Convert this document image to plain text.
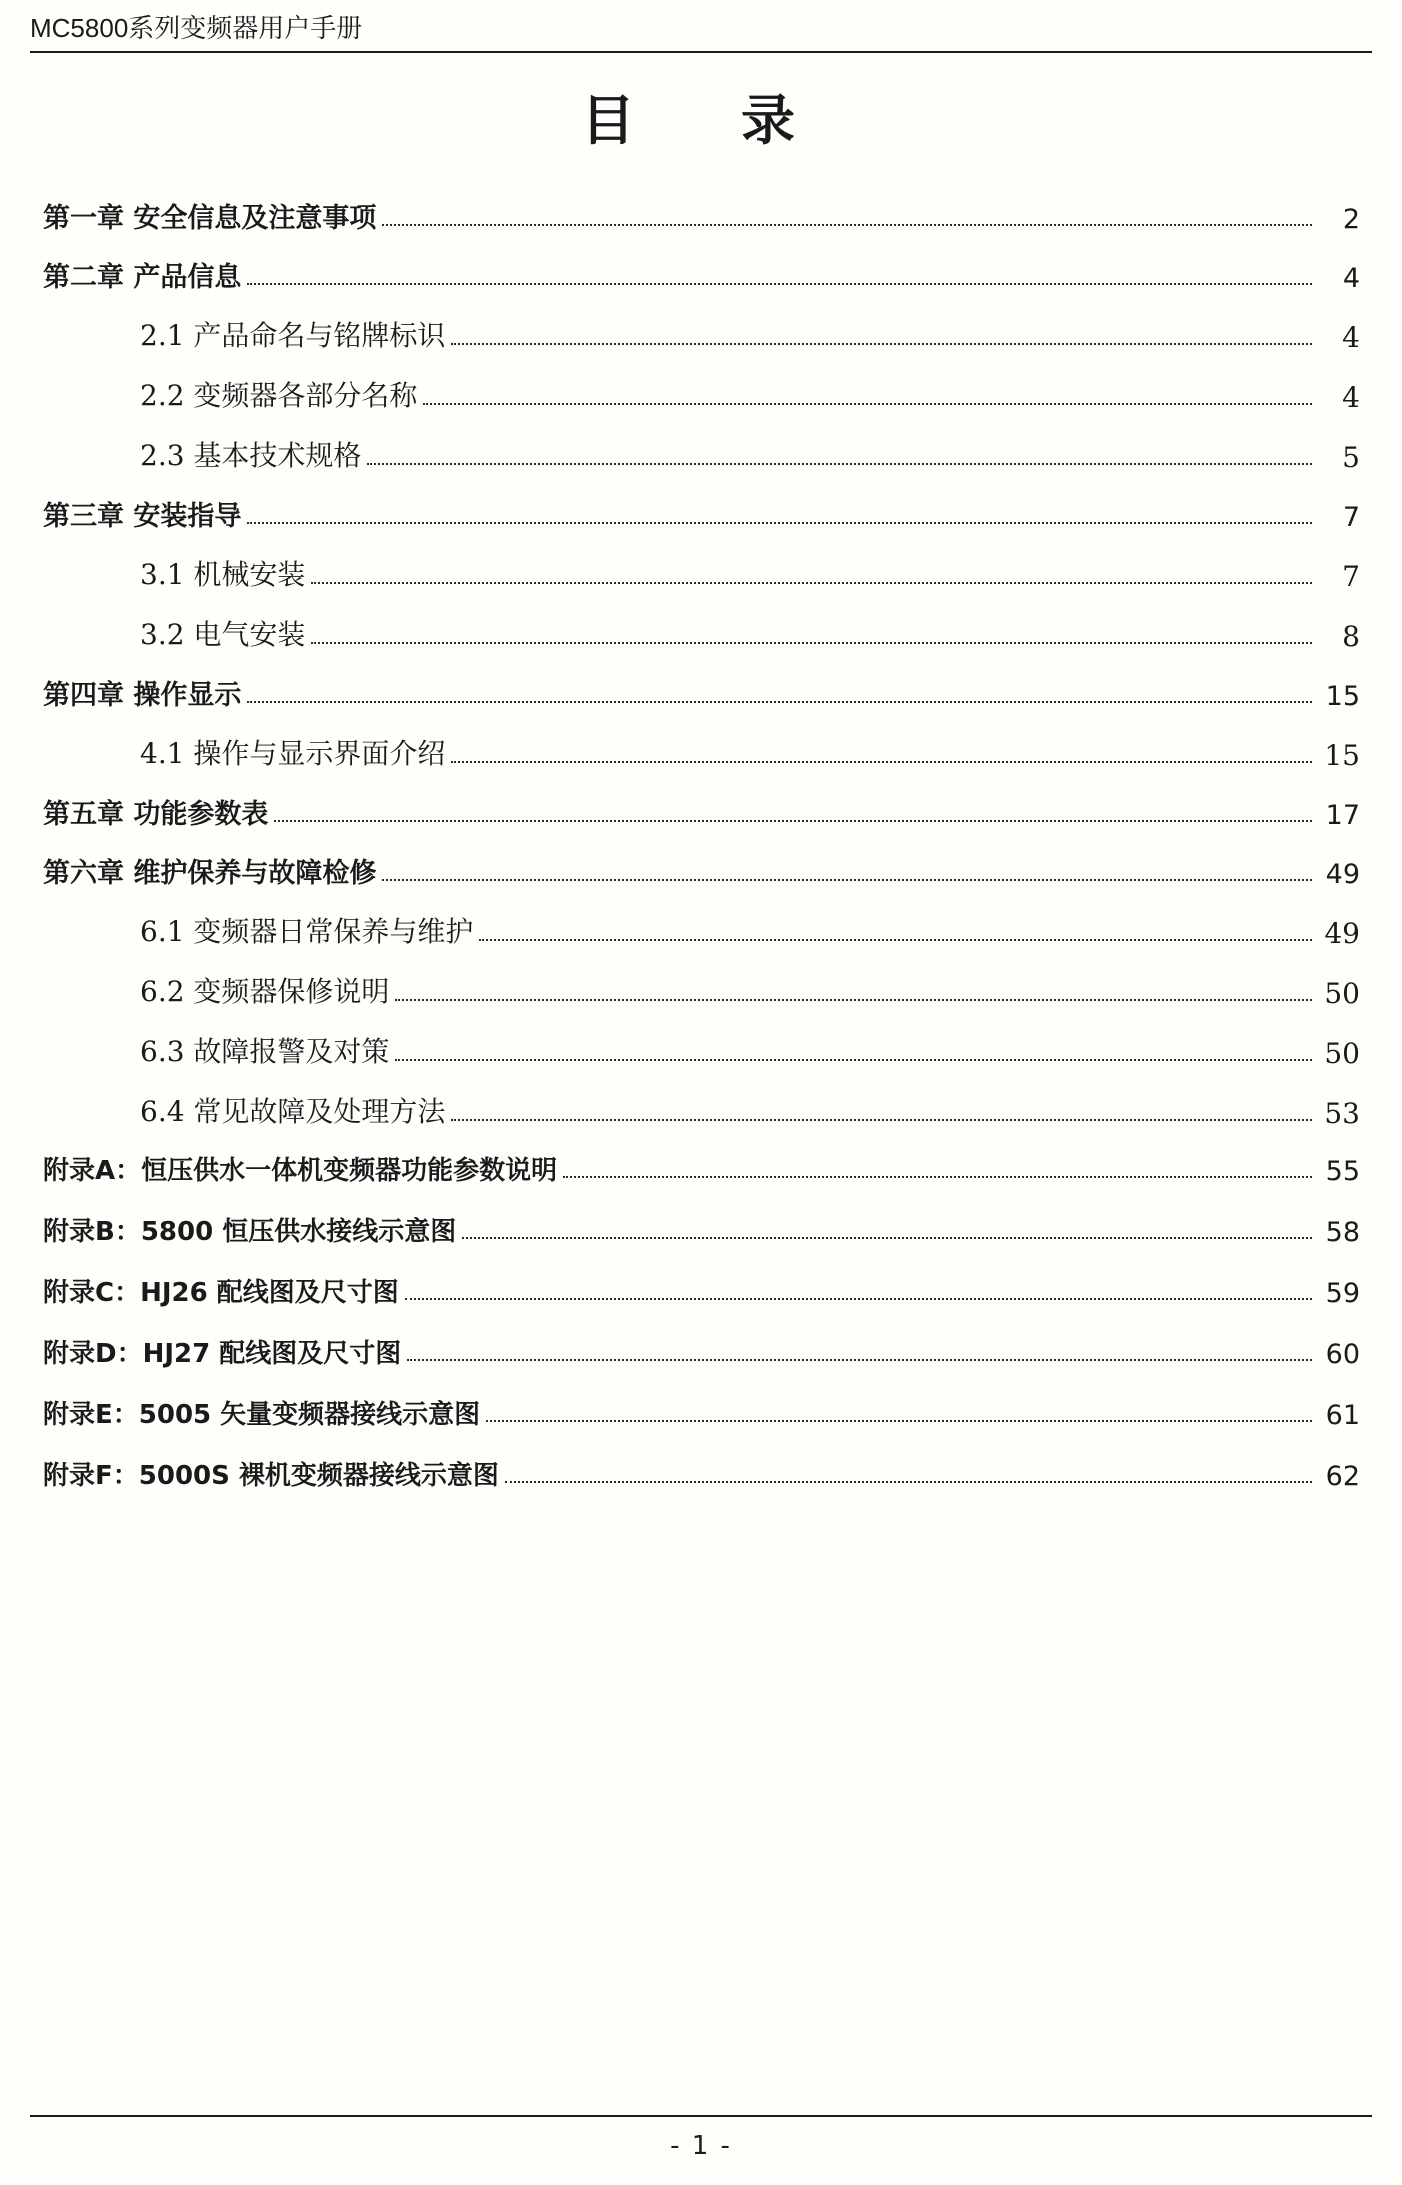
MC5800系列变频器用户手册
目　录
第一章 安全信息及注意事项	2
第二章 产品信息	4
2.1 产品命名与铭牌标识	4
2.2 变频器各部分名称	4
2.3 基本技术规格	5
第三章 安装指导	7
3.1 机械安装	7
3.2 电气安装	8
第四章 操作显示	15
4.1 操作与显示界面介绍	15
第五章 功能参数表	17
第六章 维护保养与故障检修	49
6.1 变频器日常保养与维护	49
6.2 变频器保修说明	50
6.3 故障报警及对策	50
6.4 常见故障及处理方法	53
附录A：恒压供水一体机变频器功能参数说明	55
附录B：5800 恒压供水接线示意图	58
附录C：HJ26 配线图及尺寸图	59
附录D：HJ27 配线图及尺寸图	60
附录E：5005 矢量变频器接线示意图	61
附录F：5000S 裸机变频器接线示意图	62
- 1 -
